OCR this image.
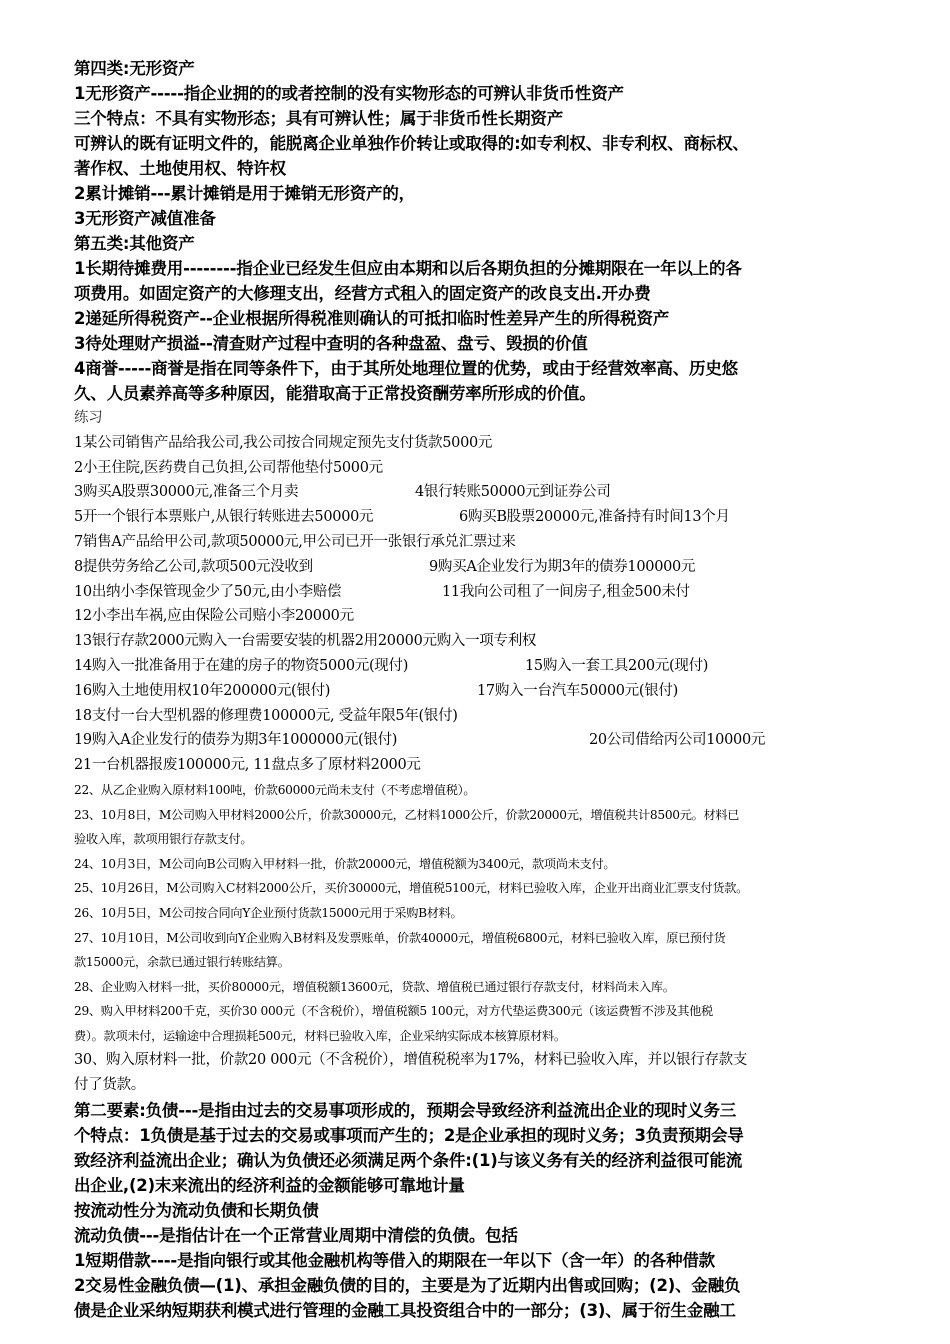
第四类:无形资产
1无形资产-----指企业拥的的或者控制的没有实物形态的可辨认非货币性资产
三个特点：不具有实物形态；具有可辨认性；属于非货币性长期资产
可辨认的既有证明文件的，能脱离企业单独作价转让或取得的:如专利权、非专利权、商标权、
著作权、土地使用权、特许权
2累计摊销---累计摊销是用于摊销无形资产的，
3无形资产减值准备
第五类:其他资产
1长期待摊费用--------指企业已经发生但应由本期和以后各期负担的分摊期限在一年以上的各
项费用。如固定资产的大修理支出，经营方式租入的固定资产的改良支出.开办费
2递延所得税资产--企业根据所得税准则确认的可抵扣临时性差异产生的所得税资产
3待处理财产损溢--清查财产过程中查明的各种盘盈、盘亏、毁损的价值
4商誉-----商誉是指在同等条件下，由于其所处地理位置的优势，或由于经营效率高、历史悠
久、人员素养高等多种原因，能猎取高于正常投资酬劳率所形成的价值。
练习
1某公司销售产品给我公司,我公司按合同规定预先支付货款5000元
2小王住院,医药费自己负担,公司帮他垫付5000元
3购买A股票30000元,准备三个月卖	4银行转账50000元到证券公司
5开一个银行本票账户,从银行转账进去50000元	6购买B股票20000元,准备持有时间13个月
7销售A产品给甲公司,款项50000元,甲公司已开一张银行承兑汇票过来
8提供劳务给乙公司,款项500元没收到	9购买A企业发行为期3年的债券100000元
10出纳小李保管现金少了50元,由小李赔偿	11我向公司租了一间房子,租金500未付
12小李出车祸,应由保险公司赔小李20000元
13银行存款2000元购入一台需要安装的机器2用20000元购入一项专利权
14购入一批准备用于在建的房子的物资5000元(现付)	15购入一套工具200元(现付)
16购入土地使用权10年200000元(银付)	17购入一台汽车50000元(银付)
18支付一台大型机器的修理费100000元, 受益年限5年(银付)
19购入A企业发行的债券为期3年1000000元(银付)	20公司借给丙公司10000元
21一台机器报废100000元, 11盘点多了原材料2000元
22、从乙企业购入原材料100吨，价款60000元尚未支付（不考虑增值税）。
23、10月8日，M公司购入甲材料2000公斤，价款30000元，乙材料1000公斤，价款20000元，增值税共计8500元。材料已
验收入库，款项用银行存款支付。
24、10月3日，M公司向B公司购入甲材料一批，价款20000元，增值税额为3400元，款项尚未支付。
25、10月26日，M公司购入C材料2000公斤，买价30000元，增值税5100元，材料已验收入库，企业开出商业汇票支付货款。
26、10月5日，M公司按合同向Y企业预付货款15000元用于采购B材料。
27、10月10日，M公司收到向Y企业购入B材料及发票账单，价款40000元，增值税6800元，材料已验收入库，原已预付货
款15000元，余款已通过银行转账结算。
28、企业购入材料一批，买价80000元，增值税额13600元，贷款、增值税已通过银行存款支付，材料尚未入库。
29、购入甲材料200千克，买价30 000元（不含税价），增值税额5 100元，对方代垫运费300元（该运费暂不涉及其他税
费）。款项未付，运输途中合理损耗500元，材料已验收入库，企业采纳实际成本核算原材料。
30、购入原材料一批，价款20 000元（不含税价），增值税税率为17%，材料已验收入库，并以银行存款支
付了货款。
第二要素:负债---是指由过去的交易事项形成的，预期会导致经济利益流出企业的现时义务三
个特点：1负债是基于过去的交易或事项而产生的；2是企业承担的现时义务；3负责预期会导
致经济利益流出企业；确认为负债还必须满足两个条件:(1)与该义务有关的经济利益很可能流
出企业,(2)末来流出的经济利益的金额能够可靠地计量
按流动性分为流动负债和长期负债
流动负债---是指估计在一个正常营业周期中清偿的负债。包括
1短期借款----是指向银行或其他金融机构等借入的期限在一年以下（含一年）的各种借款
2交易性金融负债—(1)、承担金融负债的目的，主要是为了近期内出售或回购；(2)、金融负
债是企业采纳短期获利模式进行管理的金融工具投资组合中的一部分；(3)、属于衍生金融工
